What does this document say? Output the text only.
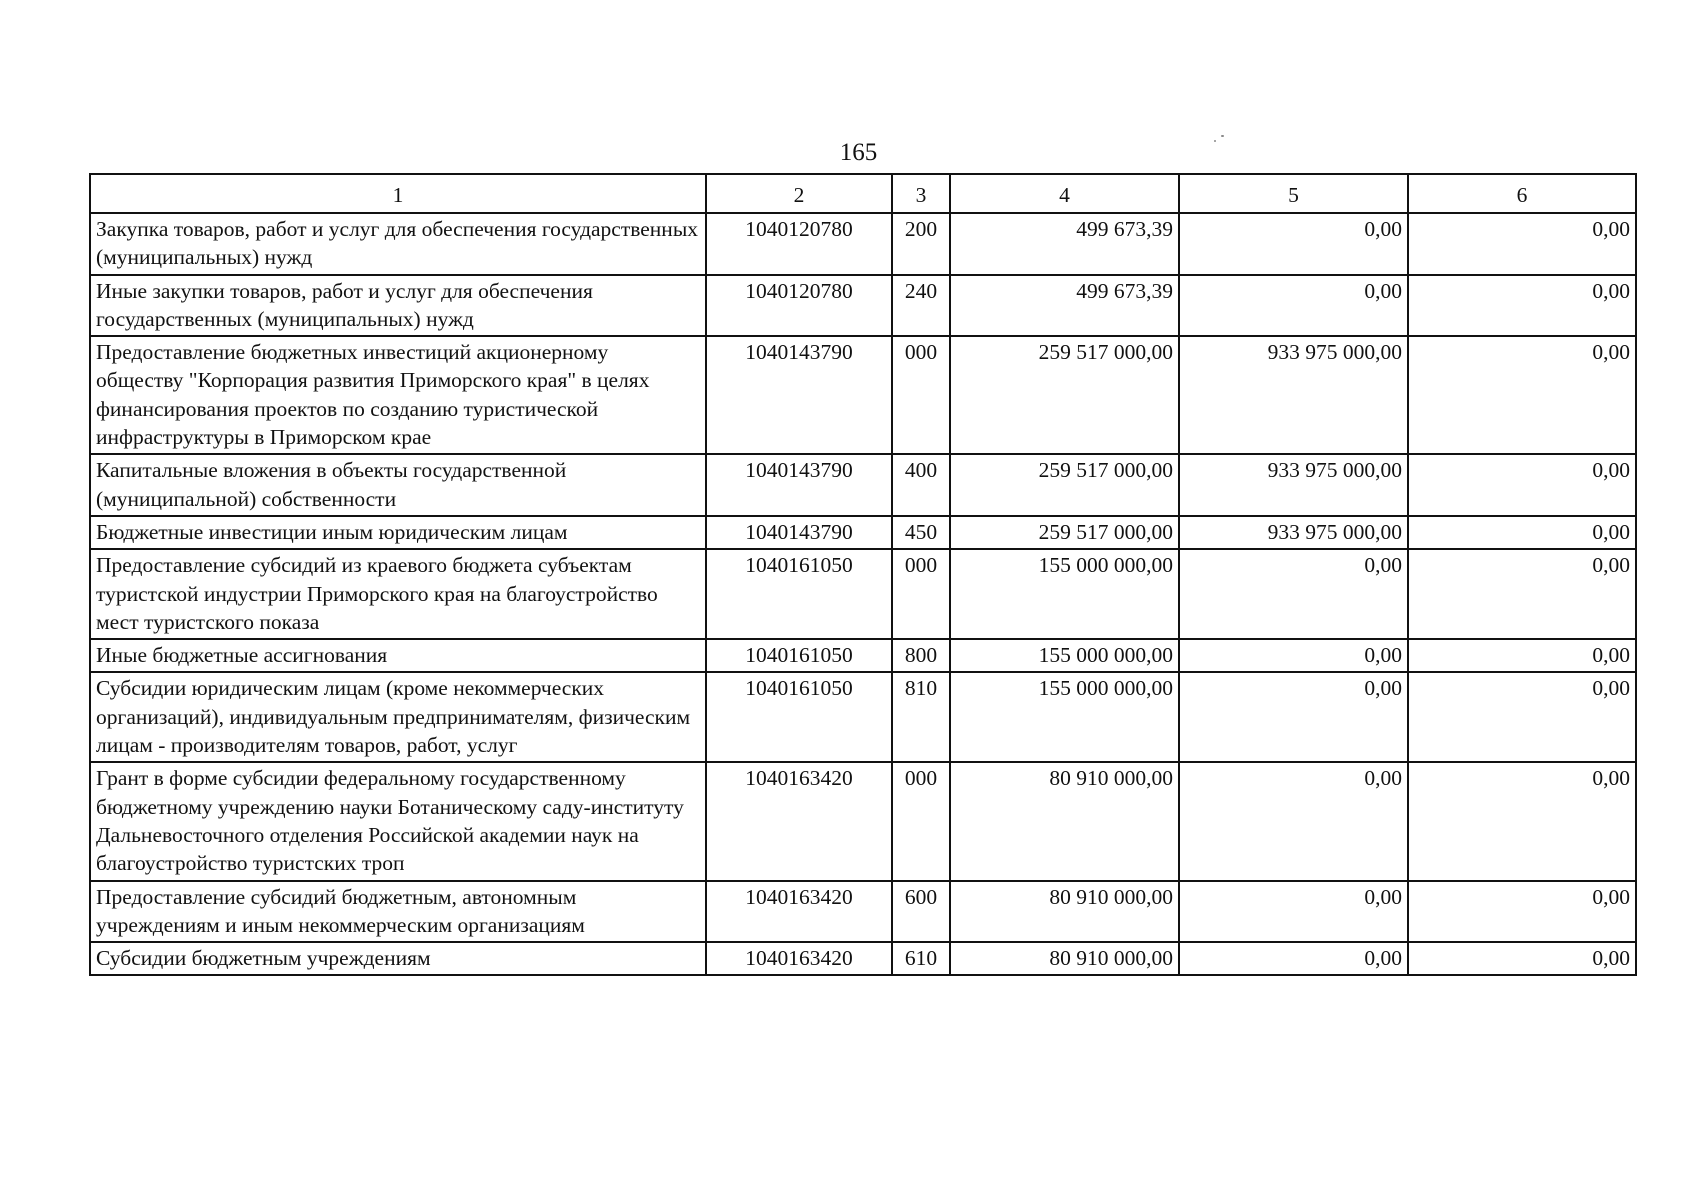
165
1	2	3	4	5	6
Закупка товаров, работ и услуг для обеспечения государственных (муниципальных) нужд	1040120780	200	499 673,39	0,00	0,00
Иные закупки товаров, работ и услуг для обеспечения государственных (муниципальных) нужд	1040120780	240	499 673,39	0,00	0,00
Предоставление бюджетных инвестиций акционерному обществу "Корпорация развития Приморского края" в целях финансирования проектов по созданию туристической инфраструктуры в Приморском крае	1040143790	000	259 517 000,00	933 975 000,00	0,00
Капитальные вложения в объекты государственной (муниципальной) собственности	1040143790	400	259 517 000,00	933 975 000,00	0,00
Бюджетные инвестиции иным юридическим лицам	1040143790	450	259 517 000,00	933 975 000,00	0,00
Предоставление субсидий из краевого бюджета субъектам туристской индустрии Приморского края на благоустройство мест туристского показа	1040161050	000	155 000 000,00	0,00	0,00
Иные бюджетные ассигнования	1040161050	800	155 000 000,00	0,00	0,00
Субсидии юридическим лицам (кроме некоммерческих организаций), индивидуальным предпринимателям, физическим лицам - производителям товаров, работ, услуг	1040161050	810	155 000 000,00	0,00	0,00
Грант в форме субсидии федеральному государственному бюджетному учреждению науки Ботаническому саду-институту Дальневосточного отделения Российской академии наук на благоустройство туристских троп	1040163420	000	80 910 000,00	0,00	0,00
Предоставление субсидий бюджетным, автономным учреждениям и иным некоммерческим организациям	1040163420	600	80 910 000,00	0,00	0,00
Субсидии бюджетным учреждениям	1040163420	610	80 910 000,00	0,00	0,00
